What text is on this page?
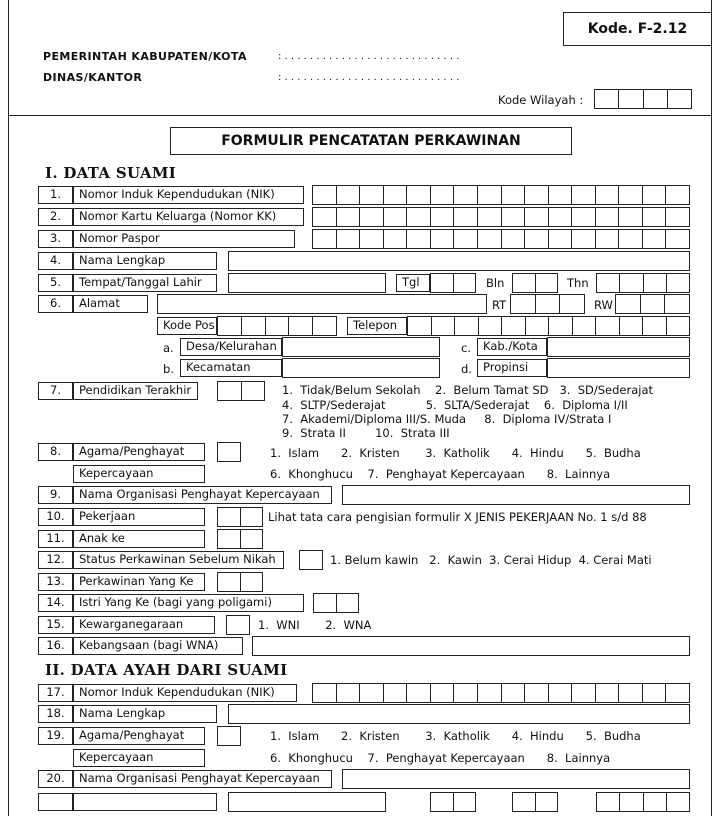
Kode. F-2.12
PEMERINTAH KABUPATEN/KOTA	: . . . . . . . . . . . . . . . . . . . . . . . . . . . .
DINAS/KANTOR	: . . . . . . . . . . . . . . . . . . . . . . . . . . . .
Kode Wilayah :
FORMULIR PENCATATAN PERKAWINAN
I. DATA SUAMI
1.	Nomor Induk Kependudukan (NIK)
2.	Nomor Kartu Keluarga (Nomor KK)
3.	Nomor Paspor
4.	Nama Lengkap
5.	Tempat/Tanggal Lahir	Tgl	Bln	Thn
6.	Alamat	RT	RW
Kode Pos	Telepon
a.	Desa/Kelurahan	c.	Kab./Kota
b.	Kecamatan	d. Propinsi
7.	Pendidikan Terakhir	1.  Tidak/Belum Sekolah    2.  Belum Tamat SD   3.  SD/Sederajat
4.  SLTP/Sederajat           5.  SLTA/Sederajat    6.  Diploma I/II
7.  Akademi/Diploma III/S. Muda     8.  Diploma IV/Strata I
9.  Strata II        10.  Strata III
8.	Agama/Penghayat	1.  Islam      2.  Kristen       3.  Katholik      4.  Hindu      5.  Budha
Kepercayaan	6.  Khonghucu    7.  Penghayat Kepercayaan      8.  Lainnya
9.	Nama Organisasi Penghayat Kepercayaan
10.	Pekerjaan	Lihat tata cara pengisian formulir X JENIS PEKERJAAN No. 1 s/d 88
11.	Anak ke
12.	Status Perkawinan Sebelum Nikah	1. Belum kawin   2.  Kawin  3. Cerai Hidup  4. Cerai Mati
13.	Perkawinan Yang Ke
14.	Istri Yang Ke (bagi yang poligami)
15.	Kewarganegaraan	1.  WNI       2.  WNA
16.	Kebangsaan (bagi WNA)
II. DATA AYAH DARI SUAMI
17.	Nomor Induk Kependudukan (NIK)
18.	Nama Lengkap
19.	Agama/Penghayat	1.  Islam      2.  Kristen       3.  Katholik      4.  Hindu      5.  Budha
Kepercayaan	6.  Khonghucu    7.  Penghayat Kepercayaan      8.  Lainnya
20.	Nama Organisasi Penghayat Kepercayaan
